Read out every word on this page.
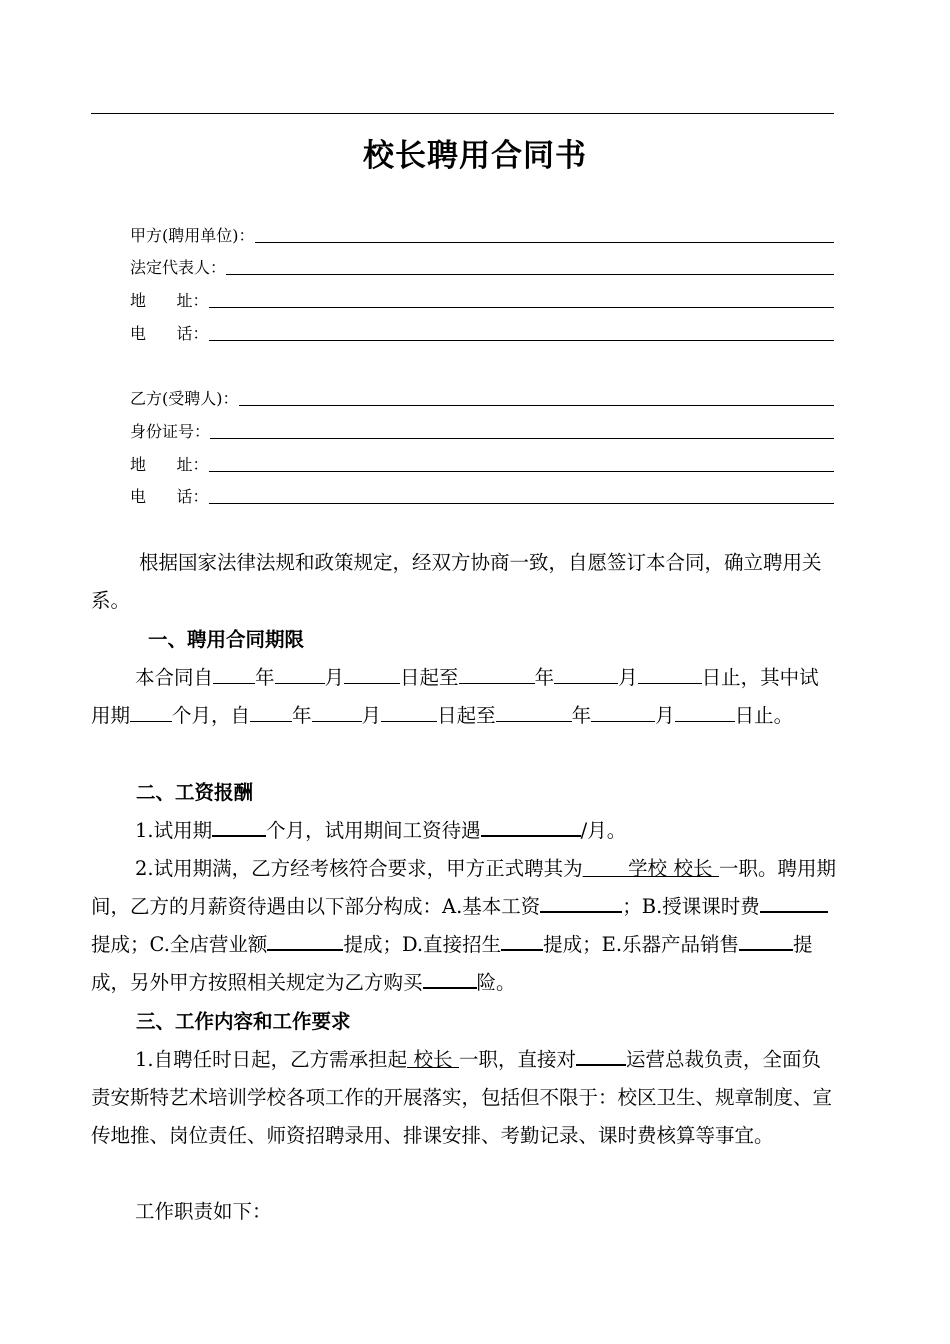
校长聘用合同书
甲方(聘用单位)：
法定代表人：
地      址：
电      话：
乙方(受聘人)：
身份证号：
地      址：
电      话：

根据国家法律法规和政策规定，经双方协商一致，自愿签订本合同，确立聘用关系。

一、聘用合同期限

本合同自 年	月	日起至	年	月	日止，其中试用期 个月，自 年	月	日起至	年	月	日止。

二、工资报酬

1.试用期	个月，试用期间工资待遇	/月。

2.试用期满，乙方经考核符合要求，甲方正式聘其为    学校  校长  一职。聘用期间，乙方的月薪资待遇由以下部分构成：A.基本工资	；B.授课课时费提成；C.全店营业额	提成；D.直接招生 提成；E.乐器产品销售	提成，另外甲方按照相关规定为乙方购买	险。

三、工作内容和工作要求

1.自聘任时日起，乙方需承担起  校长  一职，直接对	运营总裁负责，全面负责安斯特艺术培训学校各项工作的开展落实，包括但不限于：校区卫生、规章制度、宣传地推、岗位责任、师资招聘录用、排课安排、考勤记录、课时费核算等事宜。

工作职责如下：
